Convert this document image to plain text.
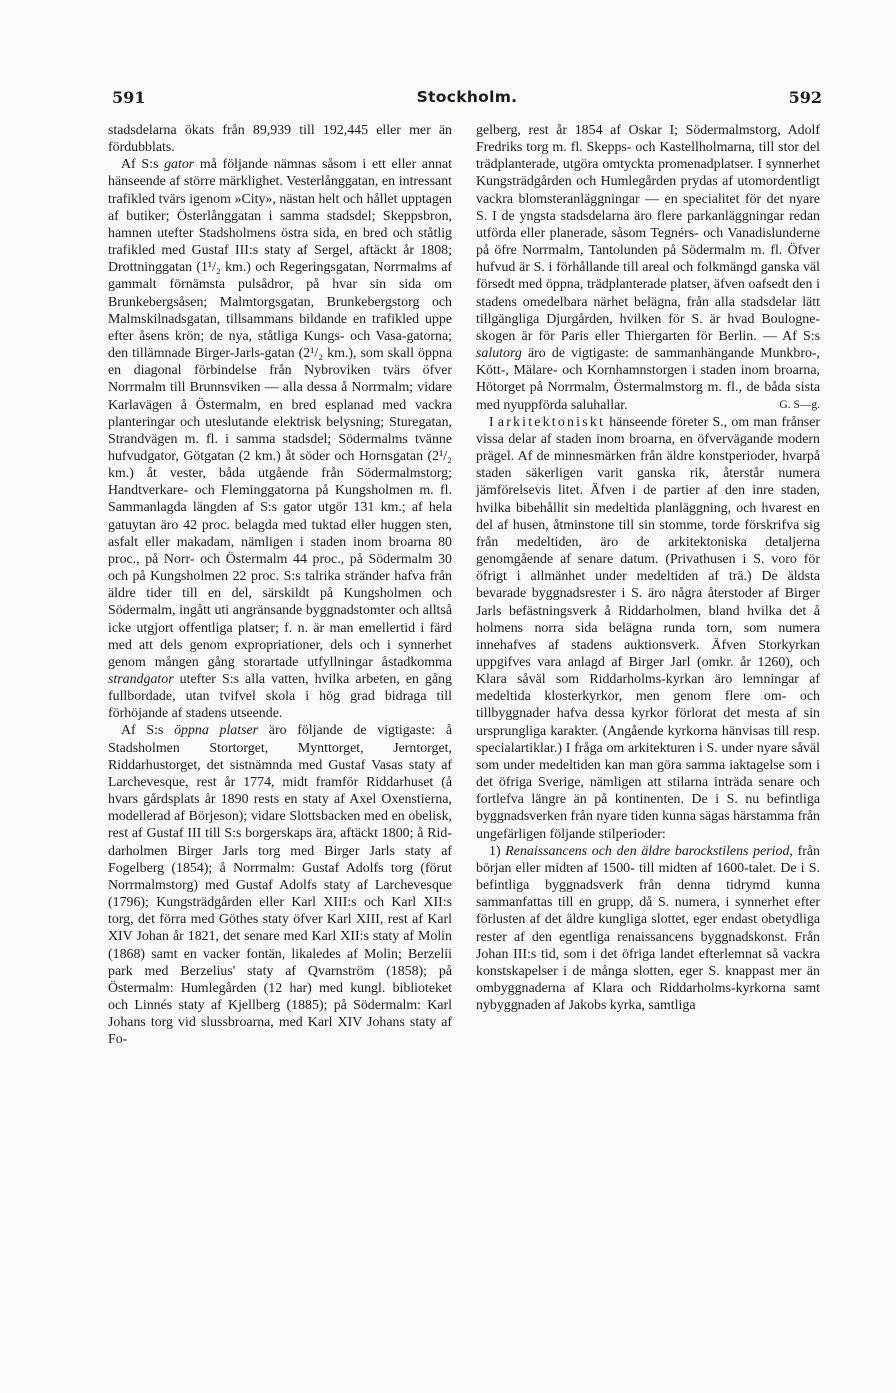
591	Stockholm.	592

stadsdelarna ökats från 89,939 till 192,445 eller mer än fördubblats.

Af S:s gator må följande nämnas såsom i ett eller annat hänseende af större märklighet. Vesterlånggatan, en intressant trafikled tvärs igenom »City», nästan helt och hållet upptagen af butiker; Österlånggatan i samma stadsdel; Skeppsbron, hamnen utefter Stadsholmens östra sida, en bred och ståtlig trafikled med Gustaf III:s staty af Sergel, aftäckt år 1808; Drottninggatan (1¹/₂ km.) och Regeringsgatan, Norrmalms af gammalt förnämsta pulsådror, på hvar sin sida om Brunkebergsåsen; Malmtorgsgatan, Brunkebergstorg och Malmskilnadsgatan, tillsammans bildande en trafikled uppe efter åsens krön; de nya, ståtliga Kungs- och Vasa-gatorna; den tillämnade Birger-Jarls-gatan (2¹/₂ km.), som skall öppna en diagonal förbindelse från Nybroviken tvärs öfver Norrmalm till Brunnsviken — alla dessa å Norrmalm; vidare Karlavägen å Östermalm, en bred esplanad med vackra planteringar och uteslutande elektrisk belysning; Sturegatan, Strandvägen m. fl. i samma stadsdel; Södermalms tvänne hufvudgator, Götgatan (2 km.) åt söder och Hornsgatan (2¹/₂ km.) åt vester, båda utgående från Södermalmstorg; Handtverkare- och Fleminggatorna på Kungsholmen m. fl. Sammanlagda längden af S:s gator utgör 131 km.; af hela gatuytan äro 42 proc. belagda med tuktad eller huggen sten, asfalt eller makadam, nämligen i staden inom broarna 80 proc., på Norr- och Östermalm 44 proc., på Södermalm 30 och på Kungsholmen 22 proc. S:s talrika stränder hafva från äldre tider till en del, särskildt på Kungsholmen och Södermalm, ingått uti angränsande byggnadstomter och alltså icke utgjort offentliga platser; f. n. är man emellertid i färd med att dels genom expropriationer, dels och i synnerhet genom mången gång storartade utfyllningar åstadkomma strandgator utefter S:s alla vatten, hvilka arbeten, en gång fullbordade, utan tvifvel skola i hög grad bidraga till förhöjande af stadens utseende.

Af S:s öppna platser äro följande de vigtigaste: å Stadsholmen Stortorget, Mynttorget, Jerntorget, Riddarhustorget, det sistnämnda med Gustaf Vasas staty af Larchevesque, rest år 1774, midt framför Riddarhuset (å hvars gårdsplats år 1890 rests en staty af Axel Oxenstierna, modellerad af Börjeson); vidare Slottsbacken med en obelisk, rest af Gustaf III till S:s borgerskaps ära, aftäckt 1800; å Riddarholmen Birger Jarls torg med Birger Jarls staty af Fogelberg (1854); å Norrmalm: Gustaf Adolfs torg (förut Norrmalmstorg) med Gustaf Adolfs staty af Larchevesque (1796); Kungsträdgården eller Karl XIII:s och Karl XII:s torg, det förra med Göthes staty öfver Karl XIII, rest af Karl XIV Johan år 1821, det senare med Karl XII:s staty af Molin (1868) samt en vacker fontän, likaledes af Molin; Berzelii park med Berzelius' staty af Qvarnström (1858); på Östermalm: Humlegården (12 har) med kungl. biblioteket och Linnés staty af Kjellberg (1885); på Södermalm: Karl Johans torg vid slussbroarna, med Karl XIV Johans staty af Fo-

gelberg, rest år 1854 af Oskar I; Södermalmstorg, Adolf Fredriks torg m. fl. Skepps- och Kastellholmarna, till stor del trädplanterade, utgöra omtyckta promenadplatser. I synnerhet Kungsträdgården och Humlegården prydas af utomordentligt vackra blomsteranläggningar — en specialitet för det nyare S. I de yngsta stadsdelarna äro flere parkanläggningar redan utförda eller planerade, såsom Tegnérs- och Vanadislunderne på öfre Norrmalm, Tantolunden på Södermalm m. fl. Öfver hufvud är S. i förhållande till areal och folkmängd ganska väl försedt med öppna, trädplanterade platser, äfven oafsedt den i stadens omedelbara närhet belägna, från alla stadsdelar lätt tillgängliga Djurgården, hvilken för S. är hvad Boulogne-skogen är för Paris eller Thiergarten för Berlin. — Af S:s salutorg äro de vigtigaste: de sammanhängande Munkbro-, Kött-, Mälare- och Kornhamnstorgen i staden inom broarna, Hötorget på Norrmalm, Östermalmstorg m. fl., de båda sista med nyuppförda saluhallar.	G. S—g.

I arkitektoniskt hänseende företer S., om man frånser vissa delar af staden inom broarna, en öfvervägande modern prägel. Af de minnesmärken från äldre konstperioder, hvarpå staden säkerligen varit ganska rik, återstår numera jämförelsevis litet. Äfven i de partier af den inre staden, hvilka bibehållit sin medeltida planläggning, och hvarest en del af husen, åtminstone till sin stomme, torde förskrifva sig från medeltiden, äro de arkitektoniska detaljerna genomgående af senare datum. (Privathusen i S. voro för öfrigt i allmänhet under medeltiden af trä.) De äldsta bevarade byggnadsrester i S. äro några återstoder af Birger Jarls befästningsverk å Riddarholmen, bland hvilka det å holmens norra sida belägna runda torn, som numera innehafves af stadens auktionsverk. Äfven Storkyrkan uppgifves vara anlagd af Birger Jarl (omkr. år 1260), och Klara såväl som Riddarholms-kyrkan äro lemningar af medeltida klosterkyrkor, men genom flere om- och tillbyggnader hafva dessa kyrkor förlorat det mesta af sin ursprungliga karakter. (Angående kyrkorna hänvisas till resp. specialartiklar.) I fråga om arkitekturen i S. under nyare såväl som under medeltiden kan man göra samma iaktagelse som i det öfriga Sverige, nämligen att stilarna inträda senare och fortlefva längre än på kontinenten. De i S. nu befintliga byggnadsverken från nyare tiden kunna sägas härstamma från ungefärligen följande stilperioder:

1) Renaissancens och den äldre barockstilens period, från början eller midten af 1500- till midten af 1600-talet. De i S. befintliga byggnadsverk från denna tidrymd kunna sammanfattas till en grupp, då S. numera, i synnerhet efter förlusten af det äldre kungliga slottet, eger endast obetydliga rester af den egentliga renaissancens byggnadskonst. Från Johan III:s tid, som i det öfriga landet efterlemnat så vackra konstskapelser i de många slotten, eger S. knappast mer än ombyggnaderna af Klara och Riddarholms-kyrkorna samt nybyggnaden af Jakobs kyrka, samtliga
